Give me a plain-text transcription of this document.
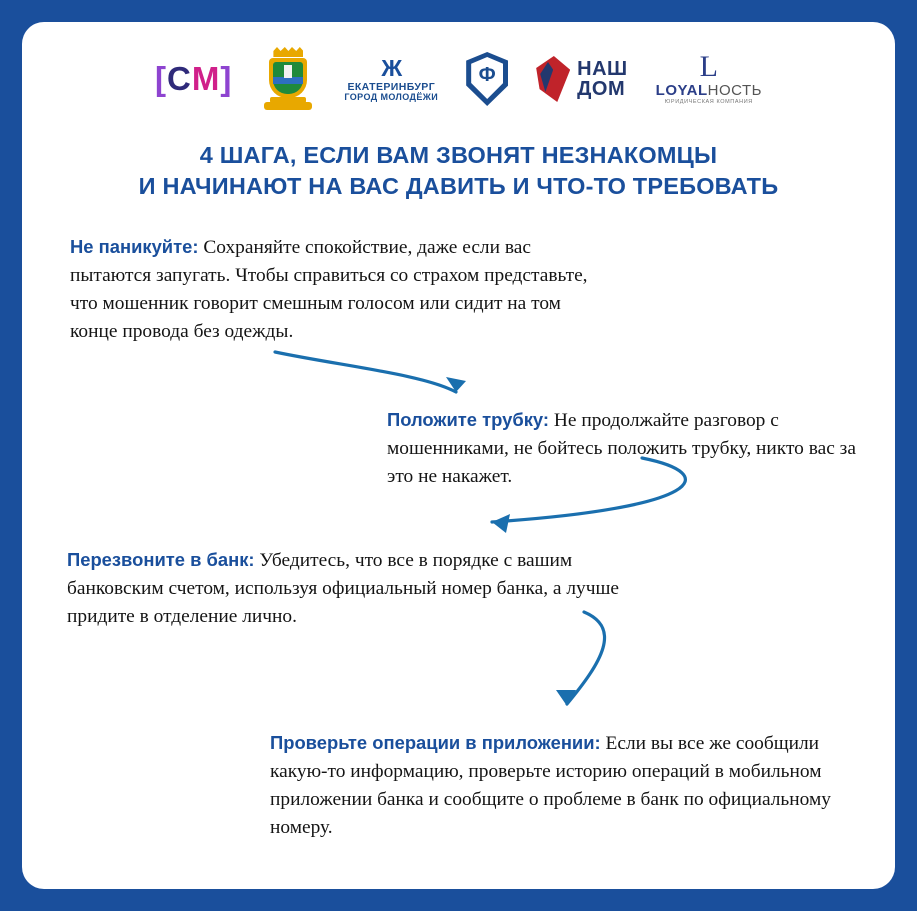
[CM]	Ж
ЕКАТЕРИНБУРГ
ГОРОД МОЛОДЁЖИ
Ф	НАШ
ДОМ
L
LOYALНОСТЬ
ЮРИДИЧЕСКАЯ КОМПАНИЯ
4 ШАГА, ЕСЛИ ВАМ ЗВОНЯТ НЕЗНАКОМЦЫ
И НАЧИНАЮТ НА ВАС ДАВИТЬ И ЧТО-ТО ТРЕБОВАТЬ
Не паникуйте: Сохраняйте спокойствие, даже если вас пытаются запугать. Чтобы справиться со страхом представьте, что мошенник говорит смешным голосом или сидит на том конце провода без одежды.
Положите трубку: Не продолжайте разговор с мошенниками, не бойтесь положить трубку, никто вас за это не накажет.
Перезвоните в банк: Убедитесь, что все в порядке с вашим банковским счетом, используя официальный номер банка, а лучше придите в отделение лично.
Проверьте операции в приложении: Если вы все же сообщили какую-то информацию, проверьте историю операций в мобильном приложении банка и сообщите о проблеме в банк по официальному номеру.
